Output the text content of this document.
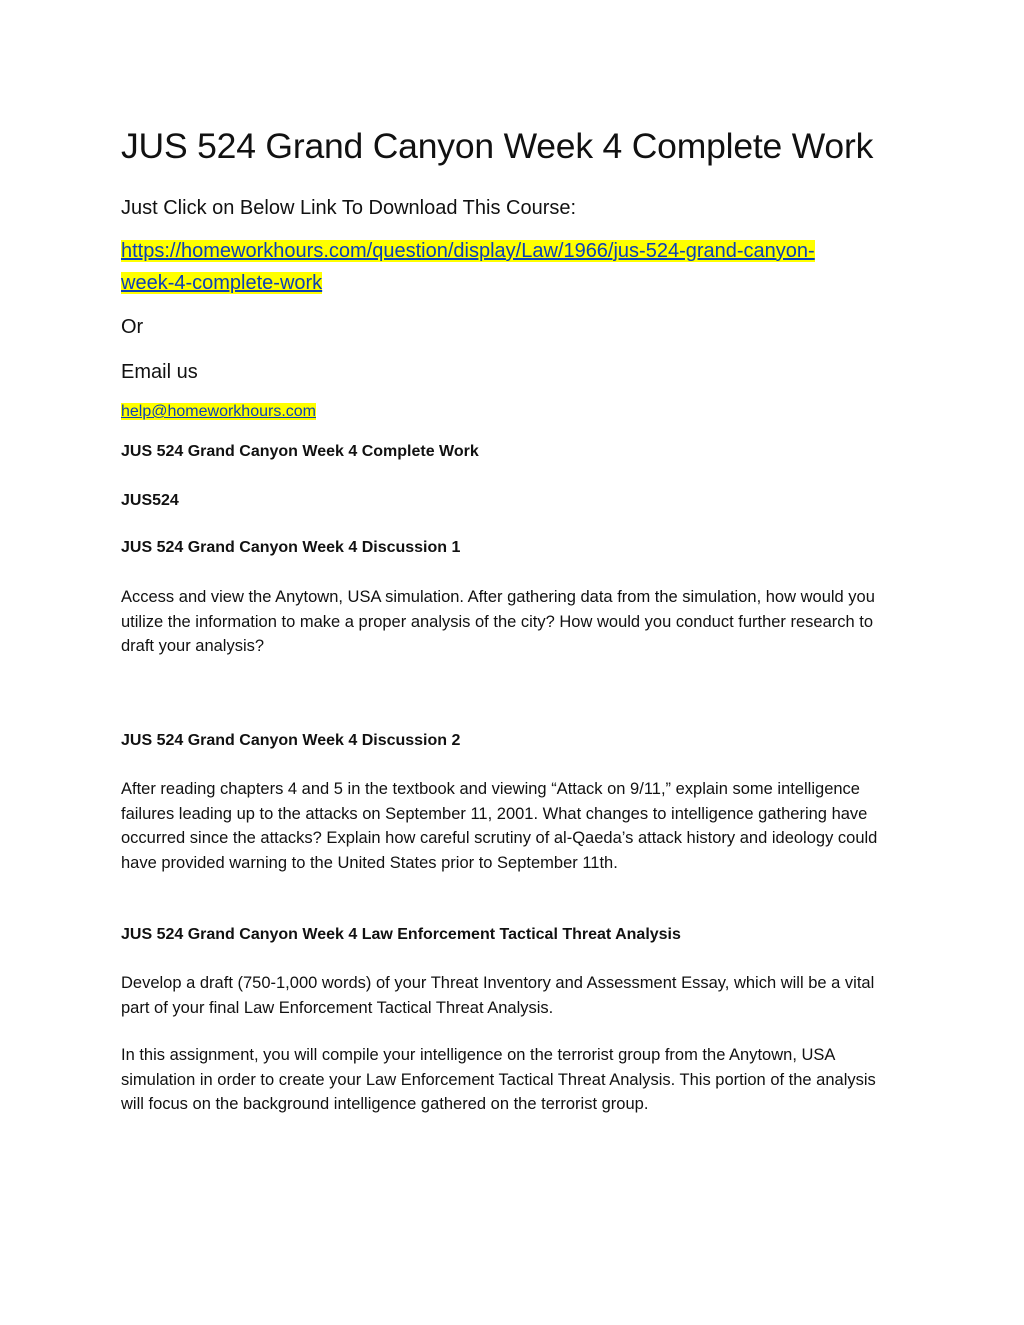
JUS 524 Grand Canyon Week 4 Complete Work
Just Click on Below Link To Download This Course:
https://homeworkhours.com/question/display/Law/1966/jus-524-grand-canyon-
week-4-complete-work
Or
Email us
help@homeworkhours.com
JUS 524 Grand Canyon Week 4 Complete Work
JUS524
JUS 524 Grand Canyon Week 4 Discussion 1
Access and view the Anytown, USA simulation. After gathering data from the simulation, how would you utilize the information to make a proper analysis of the city? How would you conduct further research to draft your analysis?
JUS 524 Grand Canyon Week 4 Discussion 2
After reading chapters 4 and 5 in the textbook and viewing “Attack on 9/11,” explain some intelligence failures leading up to the attacks on September 11, 2001. What changes to intelligence gathering have occurred since the attacks? Explain how careful scrutiny of al-Qaeda’s attack history and ideology could have provided warning to the United States prior to September 11th.
JUS 524 Grand Canyon Week 4 Law Enforcement Tactical Threat Analysis
Develop a draft (750-1,000 words) of your Threat Inventory and Assessment Essay, which will be a vital part of your final Law Enforcement Tactical Threat Analysis.
In this assignment, you will compile your intelligence on the terrorist group from the Anytown, USA simulation in order to create your Law Enforcement Tactical Threat Analysis. This portion of the analysis will focus on the background intelligence gathered on the terrorist group.
